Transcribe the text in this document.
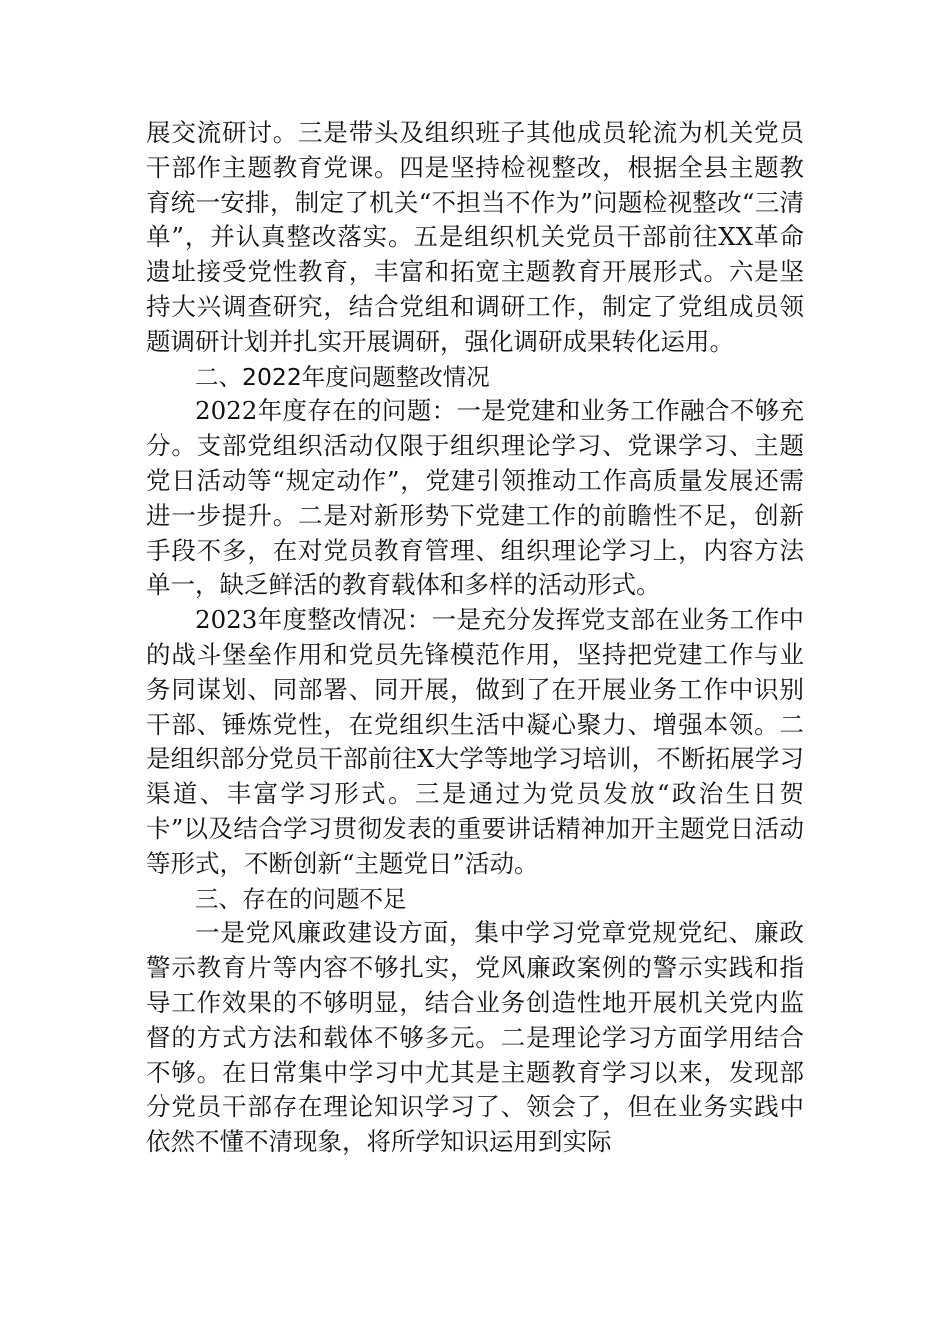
展交流研讨。三是带头及组织班子其他成员轮流为机关党员干部作主题教育党课。四是坚持检视整改，根据全县主题教育统一安排，制定了机关“不担当不作为”问题检视整改“三清单”，并认真整改落实。五是组织机关党员干部前往XX革命遗址接受党性教育，丰富和拓宽主题教育开展形式。六是坚持大兴调查研究，结合党组和调研工作，制定了党组成员领题调研计划并扎实开展调研，强化调研成果转化运用。

二、2022年度问题整改情况

2022年度存在的问题：一是党建和业务工作融合不够充分。支部党组织活动仅限于组织理论学习、党课学习、主题党日活动等“规定动作”，党建引领推动工作高质量发展还需进一步提升。二是对新形势下党建工作的前瞻性不足，创新手段不多，在对党员教育管理、组织理论学习上，内容方法单一，缺乏鲜活的教育载体和多样的活动形式。

2023年度整改情况：一是充分发挥党支部在业务工作中的战斗堡垒作用和党员先锋模范作用，坚持把党建工作与业务同谋划、同部署、同开展，做到了在开展业务工作中识别干部、锤炼党性，在党组织生活中凝心聚力、增强本领。二是组织部分党员干部前往X大学等地学习培训，不断拓展学习渠道、丰富学习形式。三是通过为党员发放“政治生日贺卡”以及结合学习贯彻发表的重要讲话精神加开主题党日活动等形式，不断创新“主题党日”活动。

三、存在的问题不足

一是党风廉政建设方面，集中学习党章党规党纪、廉政警示教育片等内容不够扎实，党风廉政案例的警示实践和指导工作效果的不够明显，结合业务创造性地开展机关党内监督的方式方法和载体不够多元。二是理论学习方面学用结合不够。在日常集中学习中尤其是主题教育学习以来，发现部分党员干部存在理论知识学习了、领会了，但在业务实践中依然不懂不清现象，将所学知识运用到实际
